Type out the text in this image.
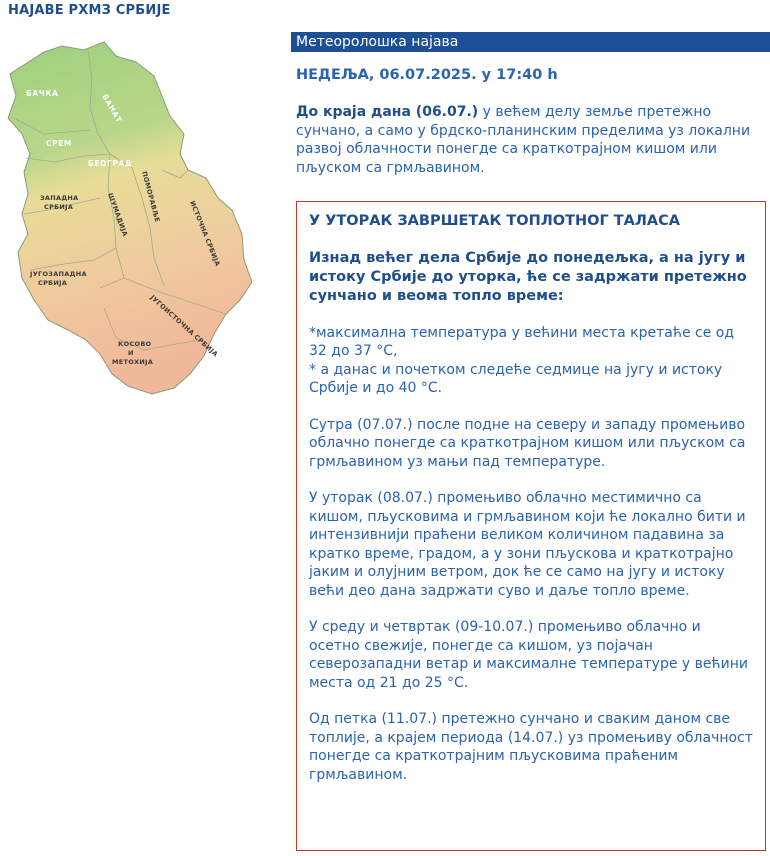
НАЈАВЕ РХМЗ СРБИЈЕ
БАЧКА	БАНАТ
СРЕМ
БЕОГРАД
ЗАПАДНА
СРБИЈА	ШУМАДИЈА ПОМОРАВЉЕ
ИСТОЧНА СРБИЈА
ЈУГОЗАПАДНА
СРБИЈА
ЈУГОИСТОЧНА СРБИЈА
КОСОВО
И
МЕТОХИЈА
Метеоролошка најава
НЕДЕЉА, 06.07.2025. у 17:40 h
До краја дана (06.07.) у већем делу земље претежно сунчано, а само у брдско-планинским пределима уз локални развој облачности понегде са краткотрајном кишом или пљуском са грмљавином.
У УТОРАК ЗАВРШЕТАК ТОПЛОТНОГ ТАЛАСА
Изнад већег дела Србије до понедељка, а на југу и истоку Србије до уторка, ће се задржати претежно сунчано и веома топло време:

*максимална температура у већини места кретаће се од 32 до 37 °C,
* а данас и почетком следеће седмице на југу и истоку Србије и до 40 °C.

Сутра (07.07.) после подне на северу и западу промењиво облачно понегде са краткотрајном кишом или пљуском са грмљавином уз мањи пад температуре.

У уторак (08.07.) промењиво облачно местимично са кишом, пљусковима и грмљавином који ће локално бити и интензивнији праћени великом количином падавина за кратко време, градом, а у зони пљускова и краткотрајно јаким и олујним ветром, док ће се само на југу и истоку већи део дана задржати суво и даље топло време.

У среду и четвртак (09-10.07.) промењиво облачно и осетно свежије, понегде са кишом, уз појачан северозападни ветар и максималне температуре у већини места од 21 до 25 °C.

Од петка (11.07.) претежно сунчано и сваким даном све топлије, а крајем периода (14.07.) уз промењиву облачност понегде са краткотрајним пљусковима праћеним грмљавином.
